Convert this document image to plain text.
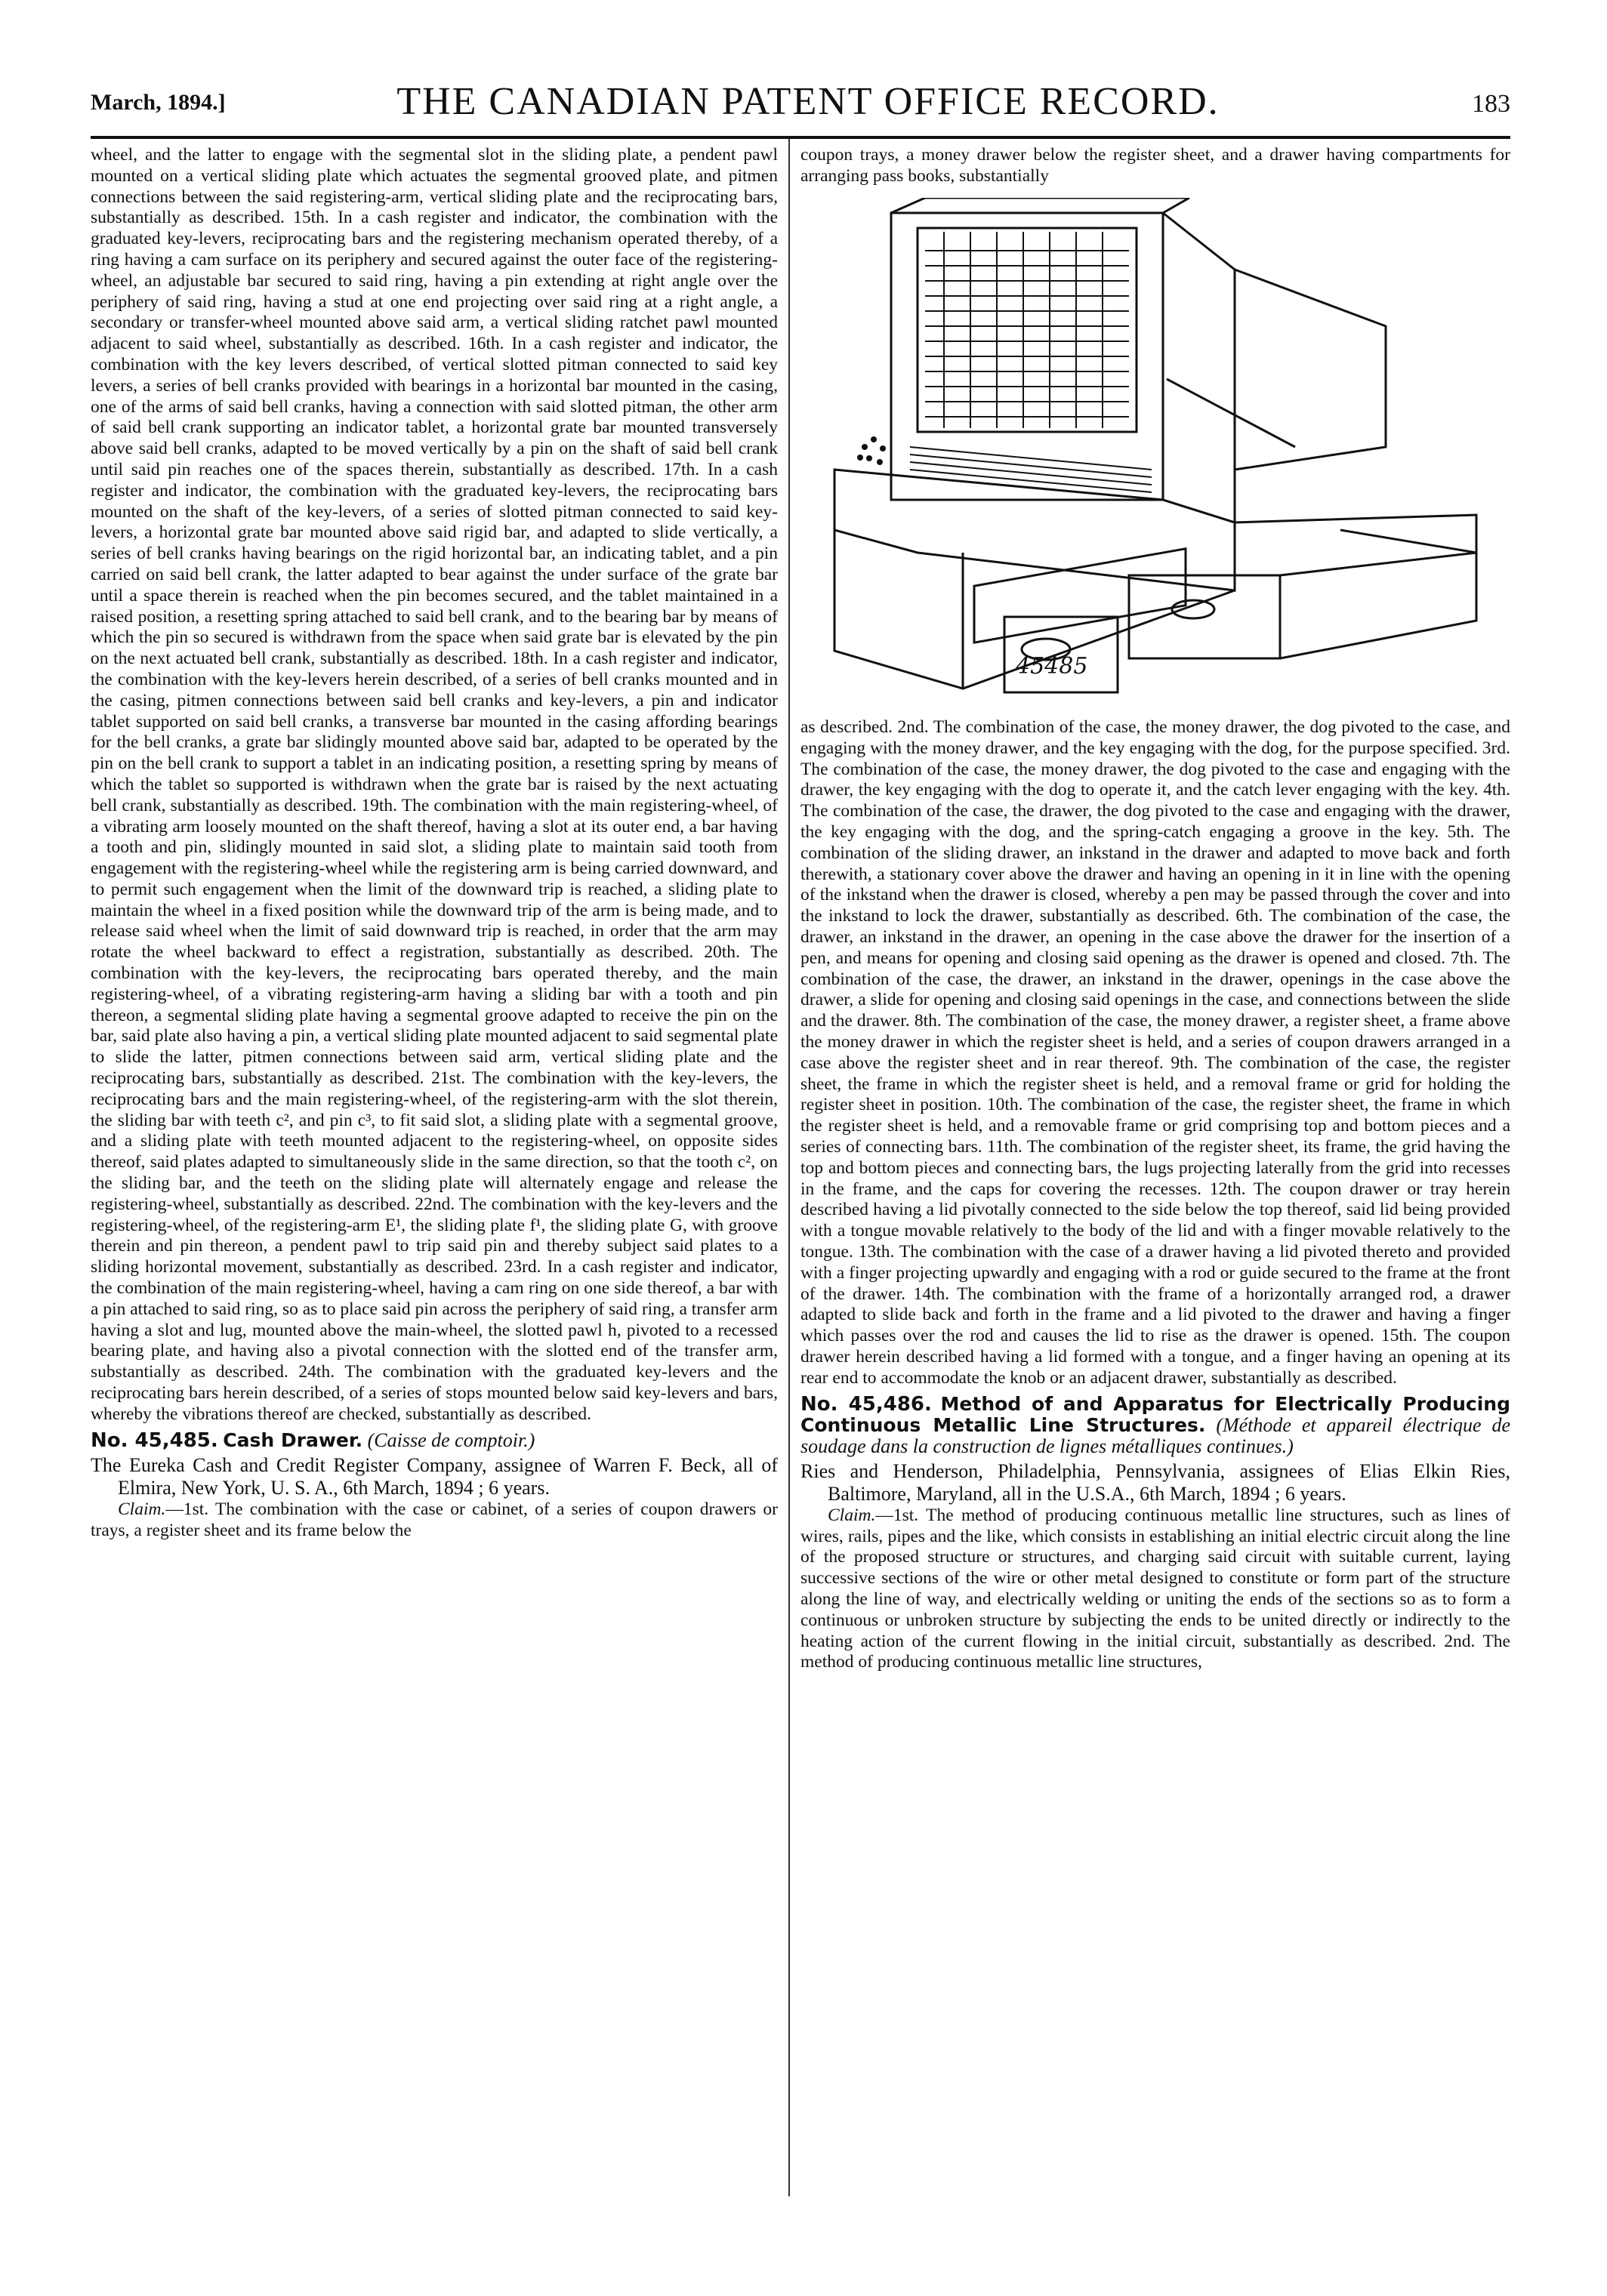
March, 1894.]	THE CANADIAN PATENT OFFICE RECORD.	183

wheel, and the latter to engage with the segmental slot in the sliding plate, a pendent pawl mounted on a vertical sliding plate which actuates the segmental grooved plate, and pitmen connections between the said registering-arm, vertical sliding plate and the reciprocating bars, substantially as described. 15th. In a cash register and indicator, the combination with the graduated key-levers, reciprocating bars and the registering mechanism operated thereby, of a ring having a cam surface on its periphery and secured against the outer face of the registering-wheel, an adjustable bar secured to said ring, having a pin extending at right angle over the periphery of said ring, having a stud at one end projecting over said ring at a right angle, a secondary or transfer-wheel mounted above said arm, a vertical sliding ratchet pawl mounted adjacent to said wheel, substantially as described. 16th. In a cash register and indicator, the combination with the key levers described, of vertical slotted pitman connected to said key levers, a series of bell cranks provided with bearings in a horizontal bar mounted in the casing, one of the arms of said bell cranks, having a connection with said slotted pitman, the other arm of said bell crank supporting an indicator tablet, a horizontal grate bar mounted transversely above said bell cranks, adapted to be moved vertically by a pin on the shaft of said bell crank until said pin reaches one of the spaces therein, substantially as described. 17th. In a cash register and indicator, the combination with the graduated key-levers, the reciprocating bars mounted on the shaft of the key-levers, of a series of slotted pitman connected to said key-levers, a horizontal grate bar mounted above said rigid bar, and adapted to slide vertically, a series of bell cranks having bearings on the rigid horizontal bar, an indicating tablet, and a pin carried on said bell crank, the latter adapted to bear against the under surface of the grate bar until a space therein is reached when the pin becomes secured, and the tablet maintained in a raised position, a resetting spring attached to said bell crank, and to the bearing bar by means of which the pin so secured is withdrawn from the space when said grate bar is elevated by the pin on the next actuated bell crank, substantially as described. 18th. In a cash register and indicator, the combination with the key-levers herein described, of a series of bell cranks mounted and in the casing, pitmen connections between said bell cranks and key-levers, a pin and indicator tablet supported on said bell cranks, a transverse bar mounted in the casing affording bearings for the bell cranks, a grate bar slidingly mounted above said bar, adapted to be operated by the pin on the bell crank to support a tablet in an indicating position, a resetting spring by means of which the tablet so supported is withdrawn when the grate bar is raised by the next actuating bell crank, substantially as described. 19th. The combination with the main registering-wheel, of a vibrating arm loosely mounted on the shaft thereof, having a slot at its outer end, a bar having a tooth and pin, slidingly mounted in said slot, a sliding plate to maintain said tooth from engagement with the registering-wheel while the registering arm is being carried downward, and to permit such engagement when the limit of the downward trip is reached, a sliding plate to maintain the wheel in a fixed position while the downward trip of the arm is being made, and to release said wheel when the limit of said downward trip is reached, in order that the arm may rotate the wheel backward to effect a registration, substantially as described. 20th. The combination with the key-levers, the reciprocating bars operated thereby, and the main registering-wheel, of a vibrating registering-arm having a sliding bar with a tooth and pin thereon, a segmental sliding plate having a segmental groove adapted to receive the pin on the bar, said plate also having a pin, a vertical sliding plate mounted adjacent to said segmental plate to slide the latter, pitmen connections between said arm, vertical sliding plate and the reciprocating bars, substantially as described. 21st. The combination with the key-levers, the reciprocating bars and the main registering-wheel, of the registering-arm with the slot therein, the sliding bar with teeth c², and pin c³, to fit said slot, a sliding plate with a segmental groove, and a sliding plate with teeth mounted adjacent to the registering-wheel, on opposite sides thereof, said plates adapted to simultaneously slide in the same direction, so that the tooth c², on the sliding bar, and the teeth on the sliding plate will alternately engage and release the registering-wheel, substantially as described. 22nd. The combination with the key-levers and the registering-wheel, of the registering-arm E¹, the sliding plate f¹, the sliding plate G, with groove therein and pin thereon, a pendent pawl to trip said pin and thereby subject said plates to a sliding horizontal movement, substantially as described. 23rd. In a cash register and indicator, the combination of the main registering-wheel, having a cam ring on one side thereof, a bar with a pin attached to said ring, so as to place said pin across the periphery of said ring, a transfer arm having a slot and lug, mounted above the main-wheel, the slotted pawl h, pivoted to a recessed bearing plate, and having also a pivotal connection with the slotted end of the transfer arm, substantially as described. 24th. The combination with the graduated key-levers and the reciprocating bars herein described, of a series of stops mounted below said key-levers and bars, whereby the vibrations thereof are checked, substantially as described.

No. 45,485. Cash Drawer. (Caisse de comptoir.)

The Eureka Cash and Credit Register Company, assignee of Warren F. Beck, all of Elmira, New York, U. S. A., 6th March, 1894 ; 6 years.

Claim.—1st. The combination with the case or cabinet, of a series of coupon drawers or trays, a register sheet and its frame below the

coupon trays, a money drawer below the register sheet, and a drawer having compartments for arranging pass books, substantially

45485

as described. 2nd. The combination of the case, the money drawer, the dog pivoted to the case, and engaging with the money drawer, and the key engaging with the dog, for the purpose specified. 3rd. The combination of the case, the money drawer, the dog pivoted to the case and engaging with the drawer, the key engaging with the dog to operate it, and the catch lever engaging with the key. 4th. The combination of the case, the drawer, the dog pivoted to the case and engaging with the drawer, the key engaging with the dog, and the spring-catch engaging a groove in the key. 5th. The combination of the sliding drawer, an inkstand in the drawer and adapted to move back and forth therewith, a stationary cover above the drawer and having an opening in it in line with the opening of the inkstand when the drawer is closed, whereby a pen may be passed through the cover and into the inkstand to lock the drawer, substantially as described. 6th. The combination of the case, the drawer, an inkstand in the drawer, an opening in the case above the drawer for the insertion of a pen, and means for opening and closing said opening as the drawer is opened and closed. 7th. The combination of the case, the drawer, an inkstand in the drawer, openings in the case above the drawer, a slide for opening and closing said openings in the case, and connections between the slide and the drawer. 8th. The combination of the case, the money drawer, a register sheet, a frame above the money drawer in which the register sheet is held, and a series of coupon drawers arranged in a case above the register sheet and in rear thereof. 9th. The combination of the case, the register sheet, the frame in which the register sheet is held, and a removal frame or grid for holding the register sheet in position. 10th. The combination of the case, the register sheet, the frame in which the register sheet is held, and a removable frame or grid comprising top and bottom pieces and a series of connecting bars. 11th. The combination of the register sheet, its frame, the grid having the top and bottom pieces and connecting bars, the lugs projecting laterally from the grid into recesses in the frame, and the caps for covering the recesses. 12th. The coupon drawer or tray herein described having a lid pivotally connected to the side below the top thereof, said lid being provided with a tongue movable relatively to the body of the lid and with a finger movable relatively to the tongue. 13th. The combination with the case of a drawer having a lid pivoted thereto and provided with a finger projecting upwardly and engaging with a rod or guide secured to the frame at the front of the drawer. 14th. The combination with the frame of a horizontally arranged rod, a drawer adapted to slide back and forth in the frame and a lid pivoted to the drawer and having a finger which passes over the rod and causes the lid to rise as the drawer is opened. 15th. The coupon drawer herein described having a lid formed with a tongue, and a finger having an opening at its rear end to accommodate the knob or an adjacent drawer, substantially as described.

No. 45,486. Method of and Apparatus for Electrically Producing Continuous Metallic Line Structures. (Méthode et appareil électrique de soudage dans la construction de lignes métalliques continues.)

Ries and Henderson, Philadelphia, Pennsylvania, assignees of Elias Elkin Ries, Baltimore, Maryland, all in the U.S.A., 6th March, 1894 ; 6 years.

Claim.—1st. The method of producing continuous metallic line structures, such as lines of wires, rails, pipes and the like, which consists in establishing an initial electric circuit along the line of the proposed structure or structures, and charging said circuit with suitable current, laying successive sections of the wire or other metal designed to constitute or form part of the structure along the line of way, and electrically welding or uniting the ends of the sections so as to form a continuous or unbroken structure by subjecting the ends to be united directly or indirectly to the heating action of the current flowing in the initial circuit, substantially as described. 2nd. The method of producing continuous metallic line structures,
